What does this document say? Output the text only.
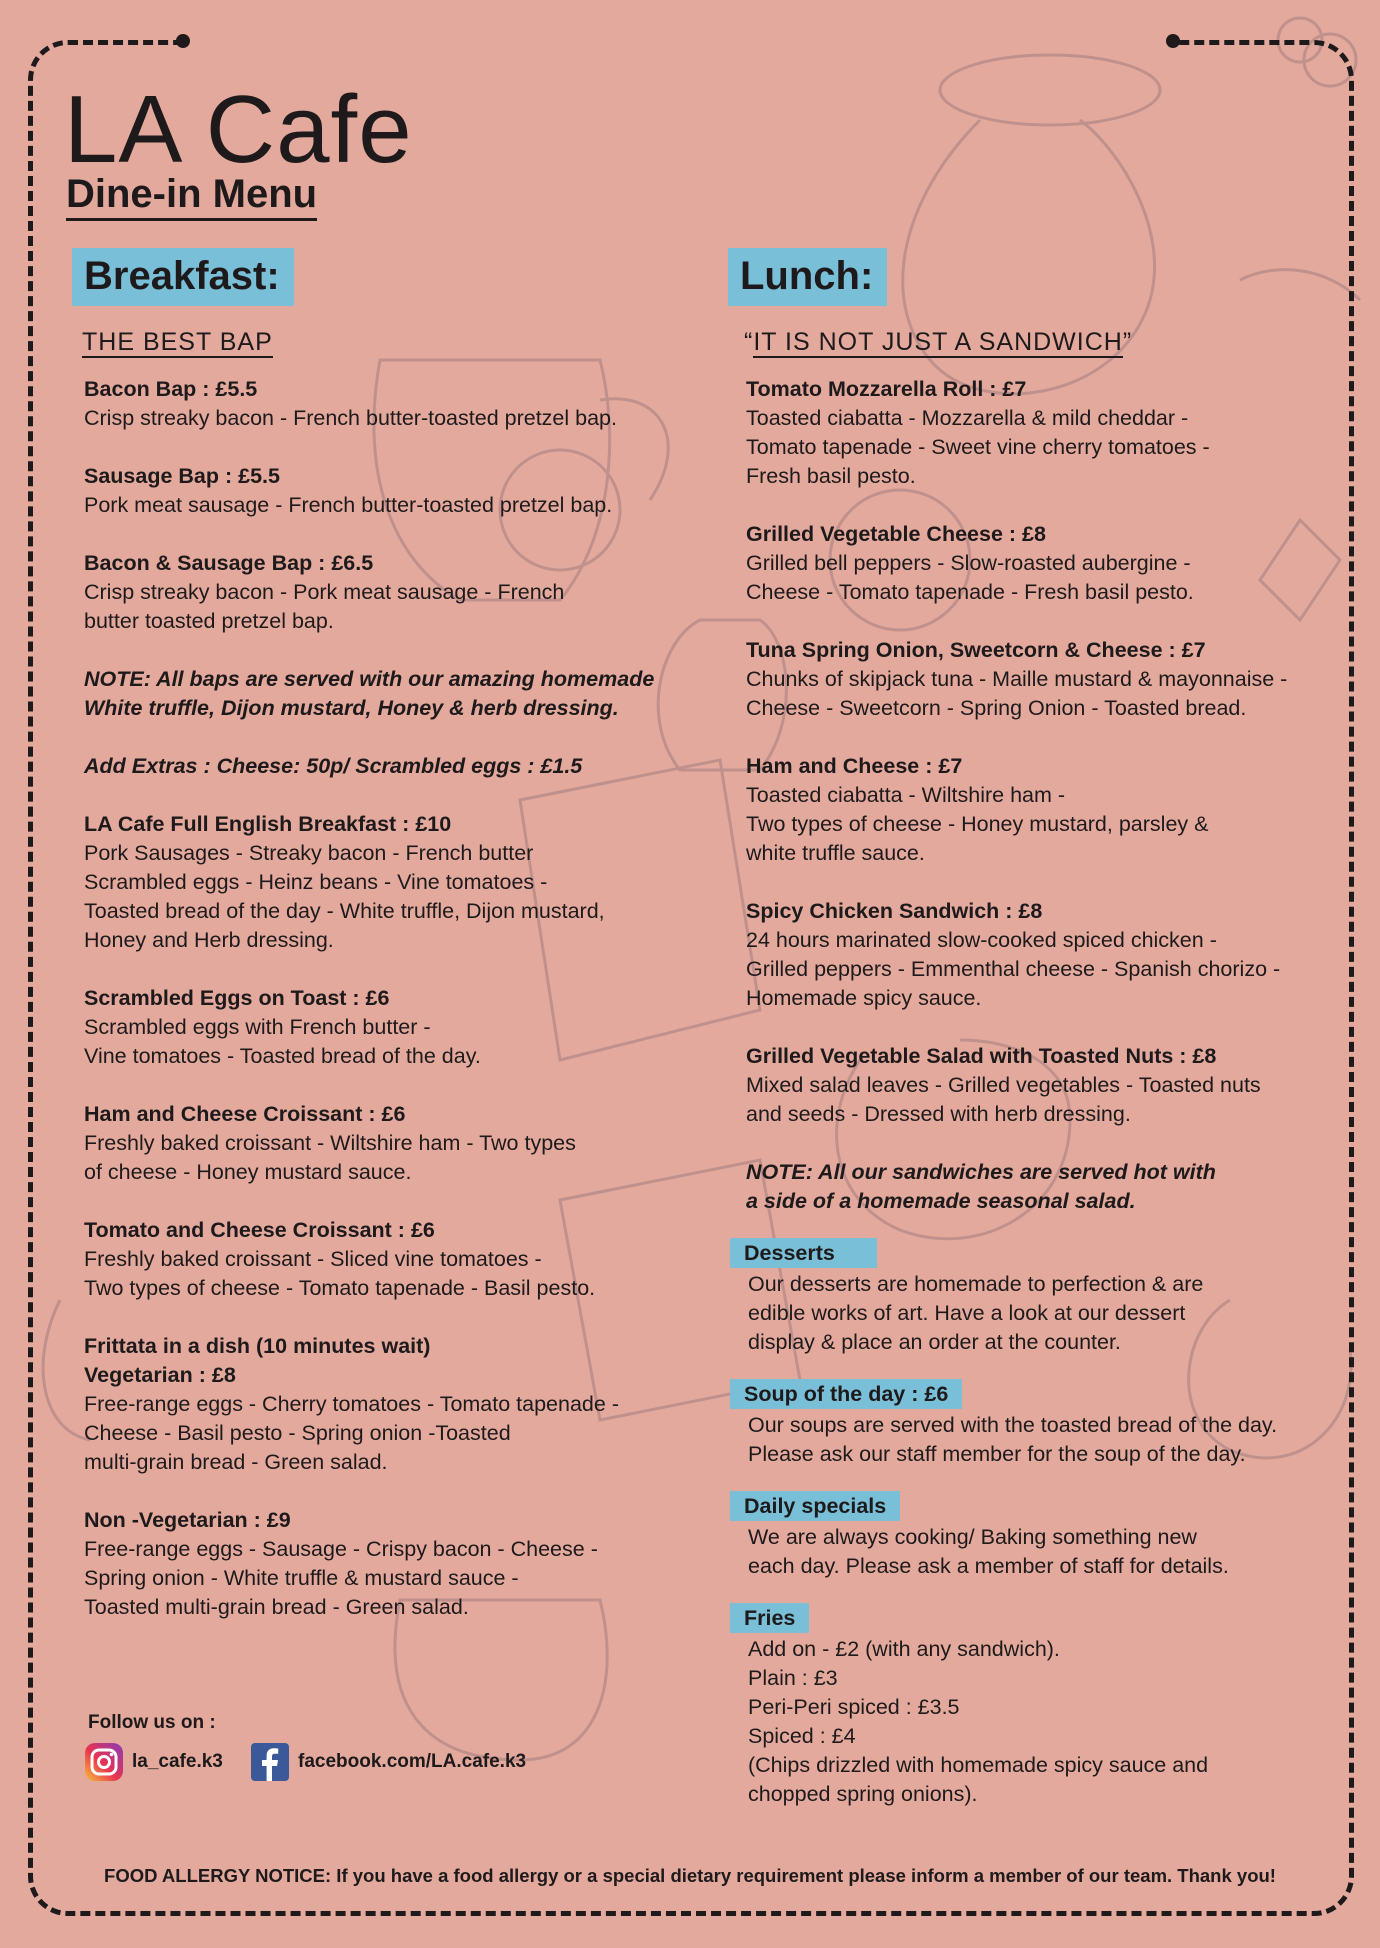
LA Cafe
Dine-in Menu
Breakfast:
THE BEST BAP
Bacon Bap : £5.5
Crisp streaky bacon - French butter-toasted pretzel bap.
Sausage Bap : £5.5
Pork meat sausage - French butter-toasted pretzel bap.
Bacon & Sausage Bap : £6.5
Crisp streaky bacon - Pork meat sausage - French
butter toasted pretzel bap.
NOTE: All baps are served with our amazing homemade
White truffle, Dijon mustard, Honey & herb dressing.
Add Extras : Cheese: 50p/ Scrambled eggs : £1.5
LA Cafe Full English Breakfast : £10
Pork Sausages - Streaky bacon - French butter
Scrambled eggs - Heinz beans - Vine tomatoes -
Toasted bread of the day - White truffle, Dijon mustard,
Honey and Herb dressing.
Scrambled Eggs on Toast : £6
Scrambled eggs with French butter -
Vine tomatoes - Toasted bread of the day.
Ham and Cheese Croissant : £6
Freshly baked croissant - Wiltshire ham - Two types
of cheese - Honey mustard sauce.
Tomato and Cheese Croissant : £6
Freshly baked croissant - Sliced vine tomatoes -
Two types of cheese - Tomato tapenade - Basil pesto.
Frittata in a dish (10 minutes wait)
Vegetarian : £8
Free-range eggs - Cherry tomatoes - Tomato tapenade -
Cheese - Basil pesto - Spring onion -Toasted
multi-grain bread - Green salad.
Non -Vegetarian : £9
Free-range eggs - Sausage - Crispy bacon - Cheese -
Spring onion - White truffle & mustard sauce -
Toasted multi-grain bread - Green salad.
Lunch:
“IT IS NOT JUST A SANDWICH”
Tomato Mozzarella Roll : £7
Toasted ciabatta - Mozzarella & mild cheddar -
Tomato tapenade - Sweet vine cherry tomatoes -
Fresh basil pesto.
Grilled Vegetable Cheese : £8
Grilled bell peppers - Slow-roasted aubergine -
Cheese - Tomato tapenade - Fresh basil pesto.
Tuna Spring Onion, Sweetcorn & Cheese : £7
Chunks of skipjack tuna - Maille mustard & mayonnaise -
Cheese - Sweetcorn - Spring Onion - Toasted bread.
Ham and Cheese : £7
Toasted ciabatta - Wiltshire ham -
Two types of cheese - Honey mustard, parsley &
white truffle sauce.
Spicy Chicken Sandwich : £8
24 hours marinated slow-cooked spiced chicken -
Grilled peppers - Emmenthal cheese - Spanish chorizo -
Homemade spicy sauce.
Grilled Vegetable Salad with Toasted Nuts : £8
Mixed salad leaves - Grilled vegetables - Toasted nuts
and seeds - Dressed with herb dressing.
NOTE: All our sandwiches are served hot with
a side of a homemade seasonal salad.
Desserts
Our desserts are homemade to perfection & are
edible works of art. Have a look at our dessert
display & place an order at the counter.
Soup of the day : £6
Our soups are served with the toasted bread of the day.
Please ask our staff member for the soup of the day.
Daily specials
We are always cooking/ Baking something new
each day. Please ask a member of staff for details.
Fries
Add on - £2 (with any sandwich).
Plain : £3
Peri-Peri spiced : £3.5
Spiced : £4
(Chips drizzled with homemade spicy sauce and
chopped spring onions).
Follow us on :
la_cafe.k3	facebook.com/LA.cafe.k3
FOOD ALLERGY NOTICE: If you have a food allergy or a special dietary requirement please inform a member of our team. Thank you!
